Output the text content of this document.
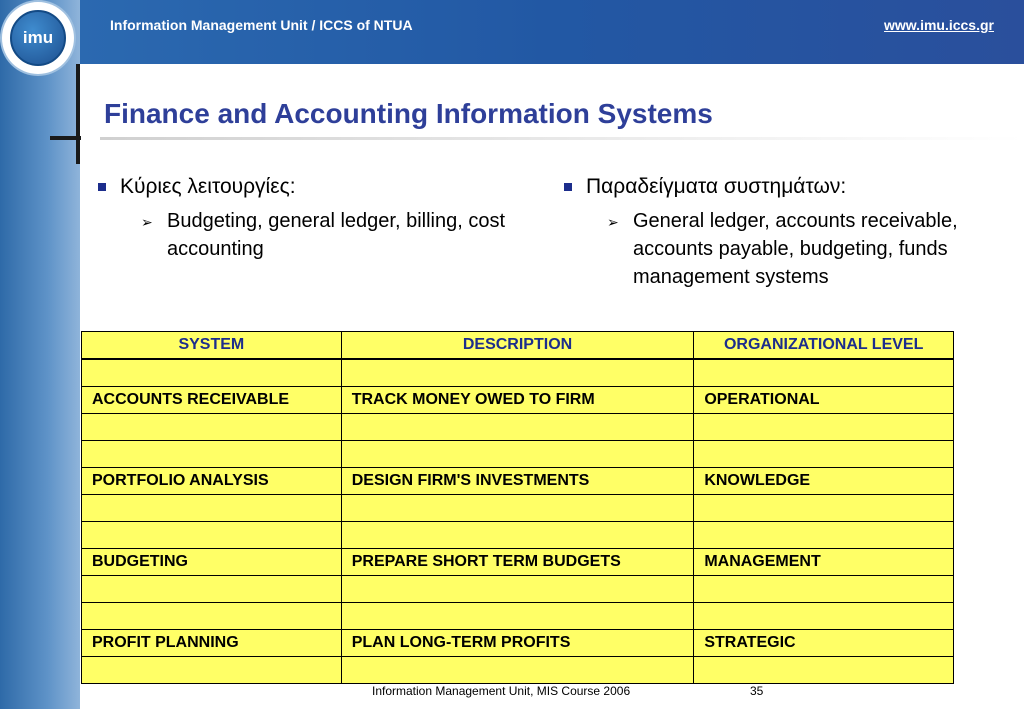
Information Management Unit / ICCS of NTUA	www.imu.iccs.gr
imu
Finance and Accounting Information Systems
Κύριες λειτουργίες:
➢ Budgeting, general ledger, billing, cost accounting
Παραδείγματα συστημάτων:
➢ General ledger, accounts receivable, accounts payable, budgeting, funds management systems
SYSTEM	DESCRIPTION	ORGANIZATIONAL LEVEL

ACCOUNTS RECEIVABLE	TRACK MONEY OWED TO FIRM	OPERATIONAL

PORTFOLIO ANALYSIS	DESIGN FIRM'S INVESTMENTS	KNOWLEDGE

BUDGETING	PREPARE SHORT TERM BUDGETS	MANAGEMENT

PROFIT PLANNING	PLAN LONG-TERM PROFITS	STRATEGIC

Information Management Unit, MIS Course 2006	35
